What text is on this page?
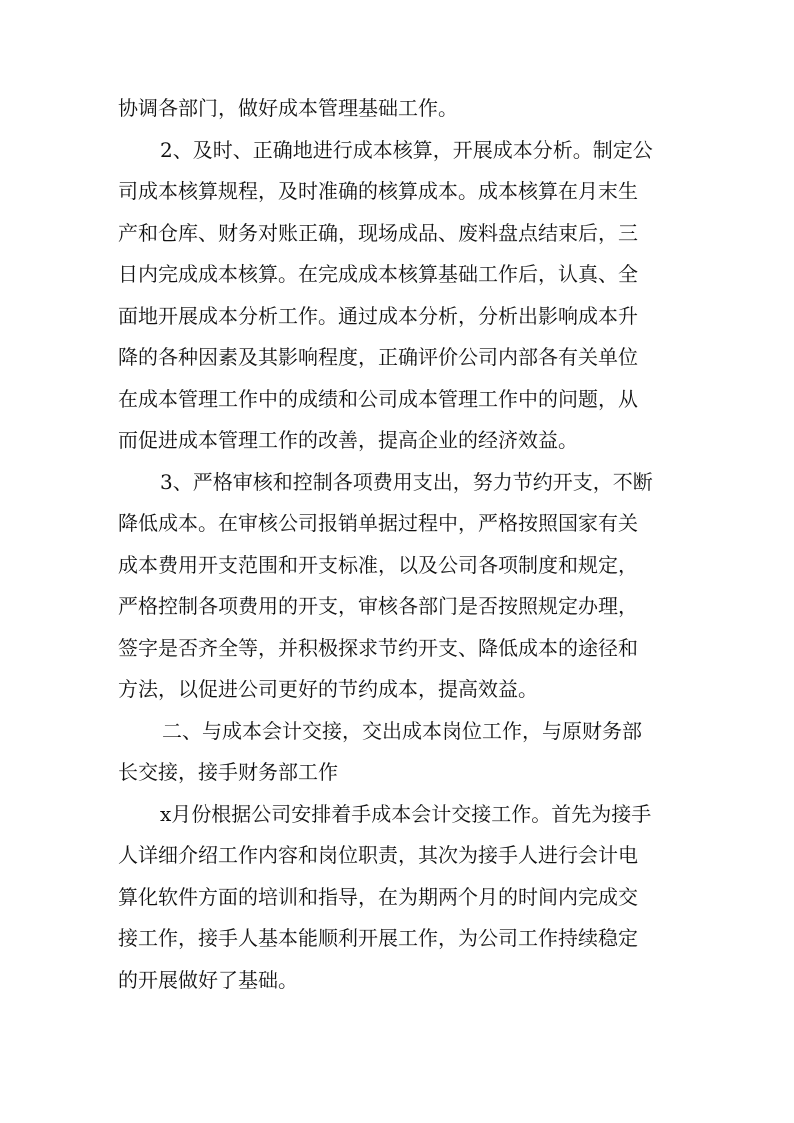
协调各部门，做好成本管理基础工作。
2、及时、正确地进行成本核算，开展成本分析。制定公
司成本核算规程，及时准确的核算成本。成本核算在月末生
产和仓库、财务对账正确，现场成品、废料盘点结束后，三
日内完成成本核算。在完成成本核算基础工作后，认真、全
面地开展成本分析工作。通过成本分析，分析出影响成本升
降的各种因素及其影响程度，正确评价公司内部各有关单位
在成本管理工作中的成绩和公司成本管理工作中的问题，从
而促进成本管理工作的改善，提高企业的经济效益。
3、严格审核和控制各项费用支出，努力节约开支，不断
降低成本。在审核公司报销单据过程中，严格按照国家有关
成本费用开支范围和开支标准，以及公司各项制度和规定，
严格控制各项费用的开支，审核各部门是否按照规定办理，
签字是否齐全等，并积极探求节约开支、降低成本的途径和
方法，以促进公司更好的节约成本，提高效益。
二、与成本会计交接，交出成本岗位工作，与原财务部
长交接，接手财务部工作
x月份根据公司安排着手成本会计交接工作。首先为接手
人详细介绍工作内容和岗位职责，其次为接手人进行会计电
算化软件方面的培训和指导，在为期两个月的时间内完成交
接工作，接手人基本能顺利开展工作，为公司工作持续稳定
的开展做好了基础。
